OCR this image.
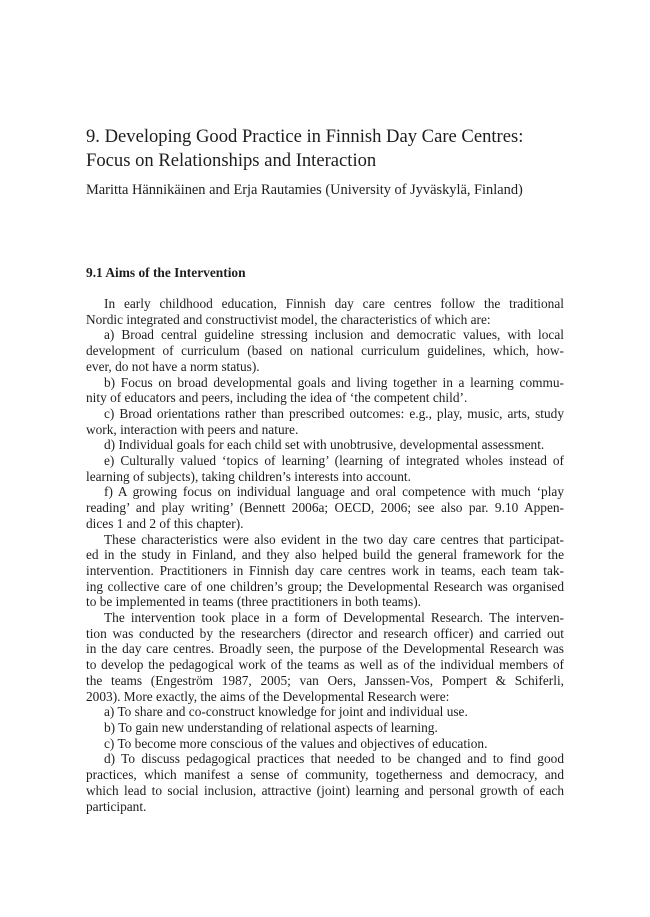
9. Developing Good Practice in Finnish Day Care Centres:
Focus on Relationships and Interaction
Maritta Hännikäinen and Erja Rautamies (University of Jyväskylä, Finland)
9.1 Aims of the Intervention

In early childhood education, Finnish day care centres follow the traditional
Nordic integrated and constructivist model, the characteristics of which are:

a) Broad central guideline stressing inclusion and democratic values, with local
development of curriculum (based on national curriculum guidelines, which, how-
ever, do not have a norm status).

b) Focus on broad developmental goals and living together in a learning commu-
nity of educators and peers, including the idea of ‘the competent child’.

c) Broad orientations rather than prescribed outcomes: e.g., play, music, arts, study
work, interaction with peers and nature.

d) Individual goals for each child set with unobtrusive, developmental assessment.

e) Culturally valued ‘topics of learning’ (learning of integrated wholes instead of
learning of subjects), taking children’s interests into account.

f) A growing focus on individual language and oral competence with much ‘play
reading’ and play writing’ (Bennett 2006a; OECD, 2006; see also par. 9.10 Appen-
dices 1 and 2 of this chapter).

These characteristics were also evident in the two day care centres that participat-
ed in the study in Finland, and they also helped build the general framework for the
intervention. Practitioners in Finnish day care centres work in teams, each team tak-
ing collective care of one children’s group; the Developmental Research was organised
to be implemented in teams (three practitioners in both teams).

The intervention took place in a form of Developmental Research. The interven-
tion was conducted by the researchers (director and research officer) and carried out
in the day care centres. Broadly seen, the purpose of the Developmental Research was
to develop the pedagogical work of the teams as well as of the individual members of
the teams (Engeström 1987, 2005; van Oers, Janssen-Vos, Pompert & Schiferli,
2003). More exactly, the aims of the Developmental Research were:

a) To share and co-construct knowledge for joint and individual use.

b) To gain new understanding of relational aspects of learning.

c) To become more conscious of the values and objectives of education.

d) To discuss pedagogical practices that needed to be changed and to find good
practices, which manifest a sense of community, togetherness and democracy, and
which lead to social inclusion, attractive (joint) learning and personal growth of each
participant.
